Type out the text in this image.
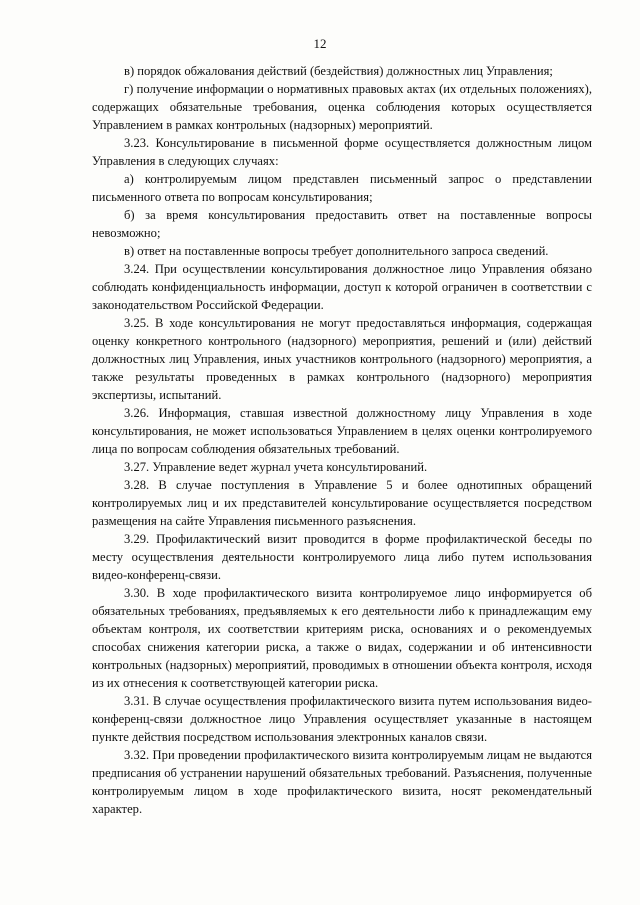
12

в) порядок обжалования действий (бездействия) должностных лиц Управления;

г) получение информации о нормативных правовых актах (их отдельных положениях), содержащих обязательные требования, оценка соблюдения которых осуществляется Управлением в рамках контрольных (надзорных) мероприятий.

3.23. Консультирование в письменной форме осуществляется должностным лицом Управления в следующих случаях:

а) контролируемым лицом представлен письменный запрос о представлении письменного ответа по вопросам консультирования;

б) за время консультирования предоставить ответ на поставленные вопросы невозможно;

в) ответ на поставленные вопросы требует дополнительного запроса сведений.

3.24. При осуществлении консультирования должностное лицо Управления обязано соблюдать конфиденциальность информации, доступ к которой ограничен в соответствии с законодательством Российской Федерации.

3.25. В ходе консультирования не могут предоставляться информация, содержащая оценку конкретного контрольного (надзорного) мероприятия, решений и (или) действий должностных лиц Управления, иных участников контрольного (надзорного) мероприятия, а также результаты проведенных в рамках контрольного (надзорного) мероприятия экспертизы, испытаний.

3.26. Информация, ставшая известной должностному лицу Управления в ходе консультирования, не может использоваться Управлением в целях оценки контролируемого лица по вопросам соблюдения обязательных требований.

3.27. Управление ведет журнал учета консультирований.

3.28. В случае поступления в Управление 5 и более однотипных обращений контролируемых лиц и их представителей консультирование осуществляется посредством размещения на сайте Управления письменного разъяснения.

3.29. Профилактический визит проводится в форме профилактической беседы по месту осуществления деятельности контролируемого лица либо путем использования видео-конференц-связи.

3.30. В ходе профилактического визита контролируемое лицо информируется об обязательных требованиях, предъявляемых к его деятельности либо к принадлежащим ему объектам контроля, их соответствии критериям риска, основаниях и о рекомендуемых способах снижения категории риска, а также о видах, содержании и об интенсивности контрольных (надзорных) мероприятий, проводимых в отношении объекта контроля, исходя из их отнесения к соответствующей категории риска.

3.31. В случае осуществления профилактического визита путем использования видео-конференц-связи должностное лицо Управления осуществляет указанные в настоящем пункте действия посредством использования электронных каналов связи.

3.32. При проведении профилактического визита контролируемым лицам не выдаются предписания об устранении нарушений обязательных требований. Разъяснения, полученные контролируемым лицом в ходе профилактического визита, носят рекомендательный характер.
